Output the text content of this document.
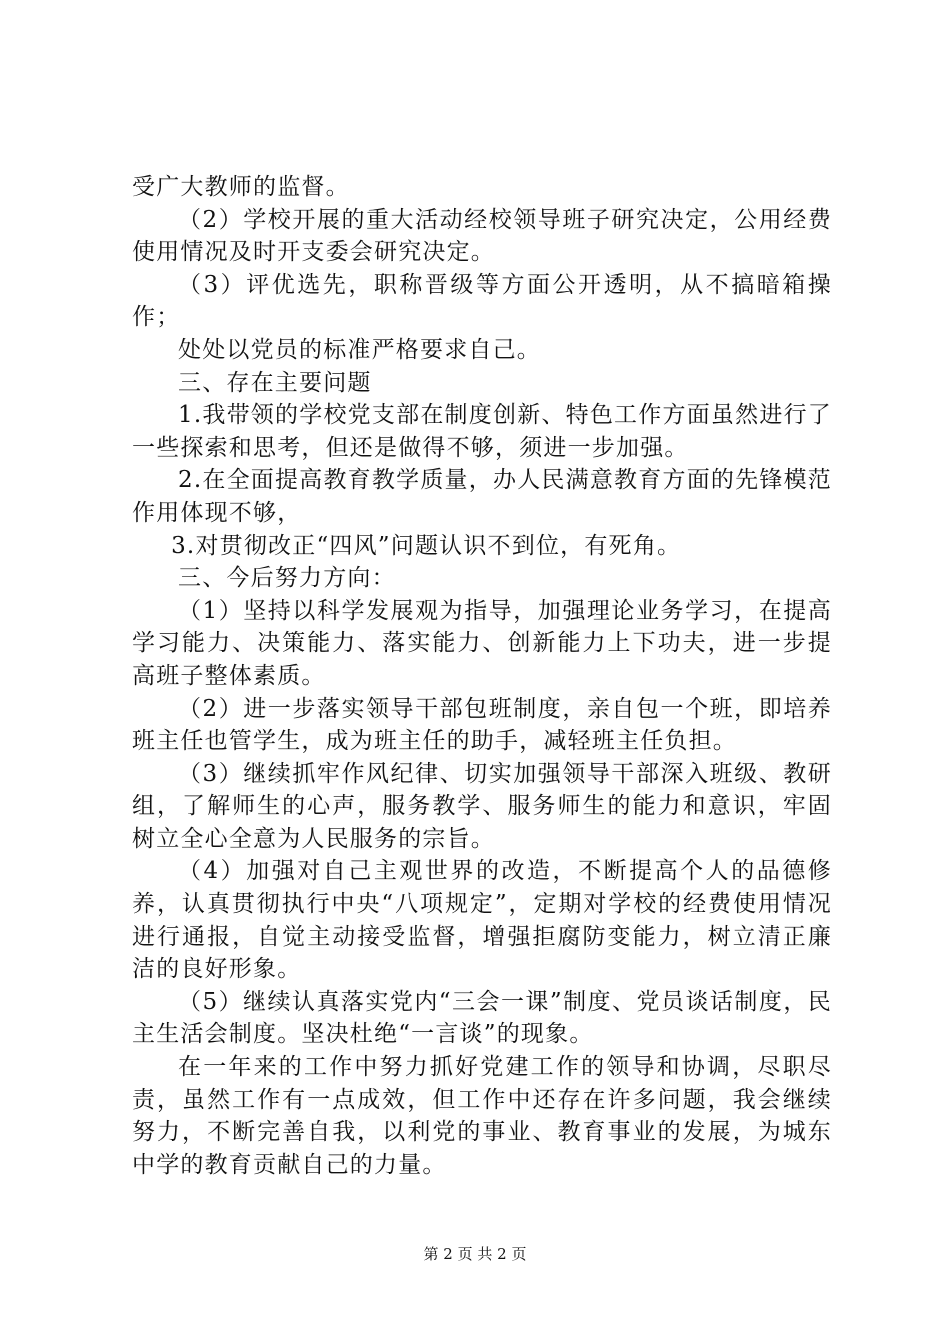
受广大教师的监督。

（2）学校开展的重大活动经校领导班子研究决定，公用经费使用情况及时开支委会研究决定。

（3）评优选先，职称晋级等方面公开透明，从不搞暗箱操作；

处处以党员的标准严格要求自己。

三、存在主要问题

1.我带领的学校党支部在制度创新、特色工作方面虽然进行了一些探索和思考，但还是做得不够，须进一步加强。

2.在全面提高教育教学质量，办人民满意教育方面的先锋模范作用体现不够，

3.对贯彻改正“四风”问题认识不到位，有死角。

三、今后努力方向：

（1）坚持以科学发展观为指导，加强理论业务学习，在提高学习能力、决策能力、落实能力、创新能力上下功夫，进一步提高班子整体素质。

（2）进一步落实领导干部包班制度，亲自包一个班，即培养班主任也管学生，成为班主任的助手，减轻班主任负担。

（3）继续抓牢作风纪律、切实加强领导干部深入班级、教研组，了解师生的心声，服务教学、服务师生的能力和意识，牢固树立全心全意为人民服务的宗旨。

（4）加强对自己主观世界的改造，不断提高个人的品德修养，认真贯彻执行中央“八项规定”，定期对学校的经费使用情况进行通报，自觉主动接受监督，增强拒腐防变能力，树立清正廉洁的良好形象。

（5）继续认真落实党内“三会一课”制度、党员谈话制度，民主生活会制度。坚决杜绝“一言谈”的现象。

在一年来的工作中努力抓好党建工作的领导和协调，尽职尽责，虽然工作有一点成效，但工作中还存在许多问题，我会继续努力，不断完善自我，以利党的事业、教育事业的发展，为城东中学的教育贡献自己的力量。

第 2 页 共 2 页
